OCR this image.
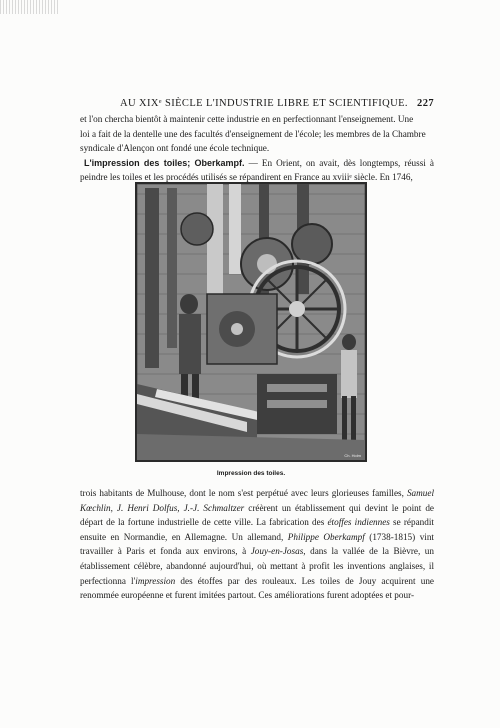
AU XIXᵉ SIÈCLE L'INDUSTRIE LIBRE ET SCIENTIFIQUE. 227

et l'on chercha bientôt à maintenir cette industrie en en perfectionnant l'enseignement. Une

loi a fait de la dentelle une des facultés d'enseignement de l'école; les membres de la Chambre

syndicale d'Alençon ont fondé une école technique.

L'impression des toiles; Oberkampf. — En Orient, on avait, dès longtemps, réussi à peindre les toiles et les procédés utilisés se répandirent en France au xviiiᵉ siècle. En 1746,

Ch. Holm
Impression des toiles.

trois habitants de Mulhouse, dont le nom s'est perpétué avec leurs glorieuses familles, Samuel Kœchlin, J. Henri Dolfus, J.-J. Schmaltzer créèrent un établissement qui devint le point de départ de la fortune industrielle de cette ville. La fabrication des étoffes indiennes se répandit ensuite en Normandie, en Allemagne. Un allemand, Philippe Oberkampf (1738-1815) vint travailler à Paris et fonda aux environs, à Jouy-en-Josas, dans la vallée de la Bièvre, un établissement célèbre, abandonné aujourd'hui, où mettant à profit les inventions anglaises, il perfectionna l'impression des étoffes par des rouleaux. Les toiles de Jouy acquirent une renommée européenne et furent imitées partout. Ces améliorations furent adoptées et pour-
